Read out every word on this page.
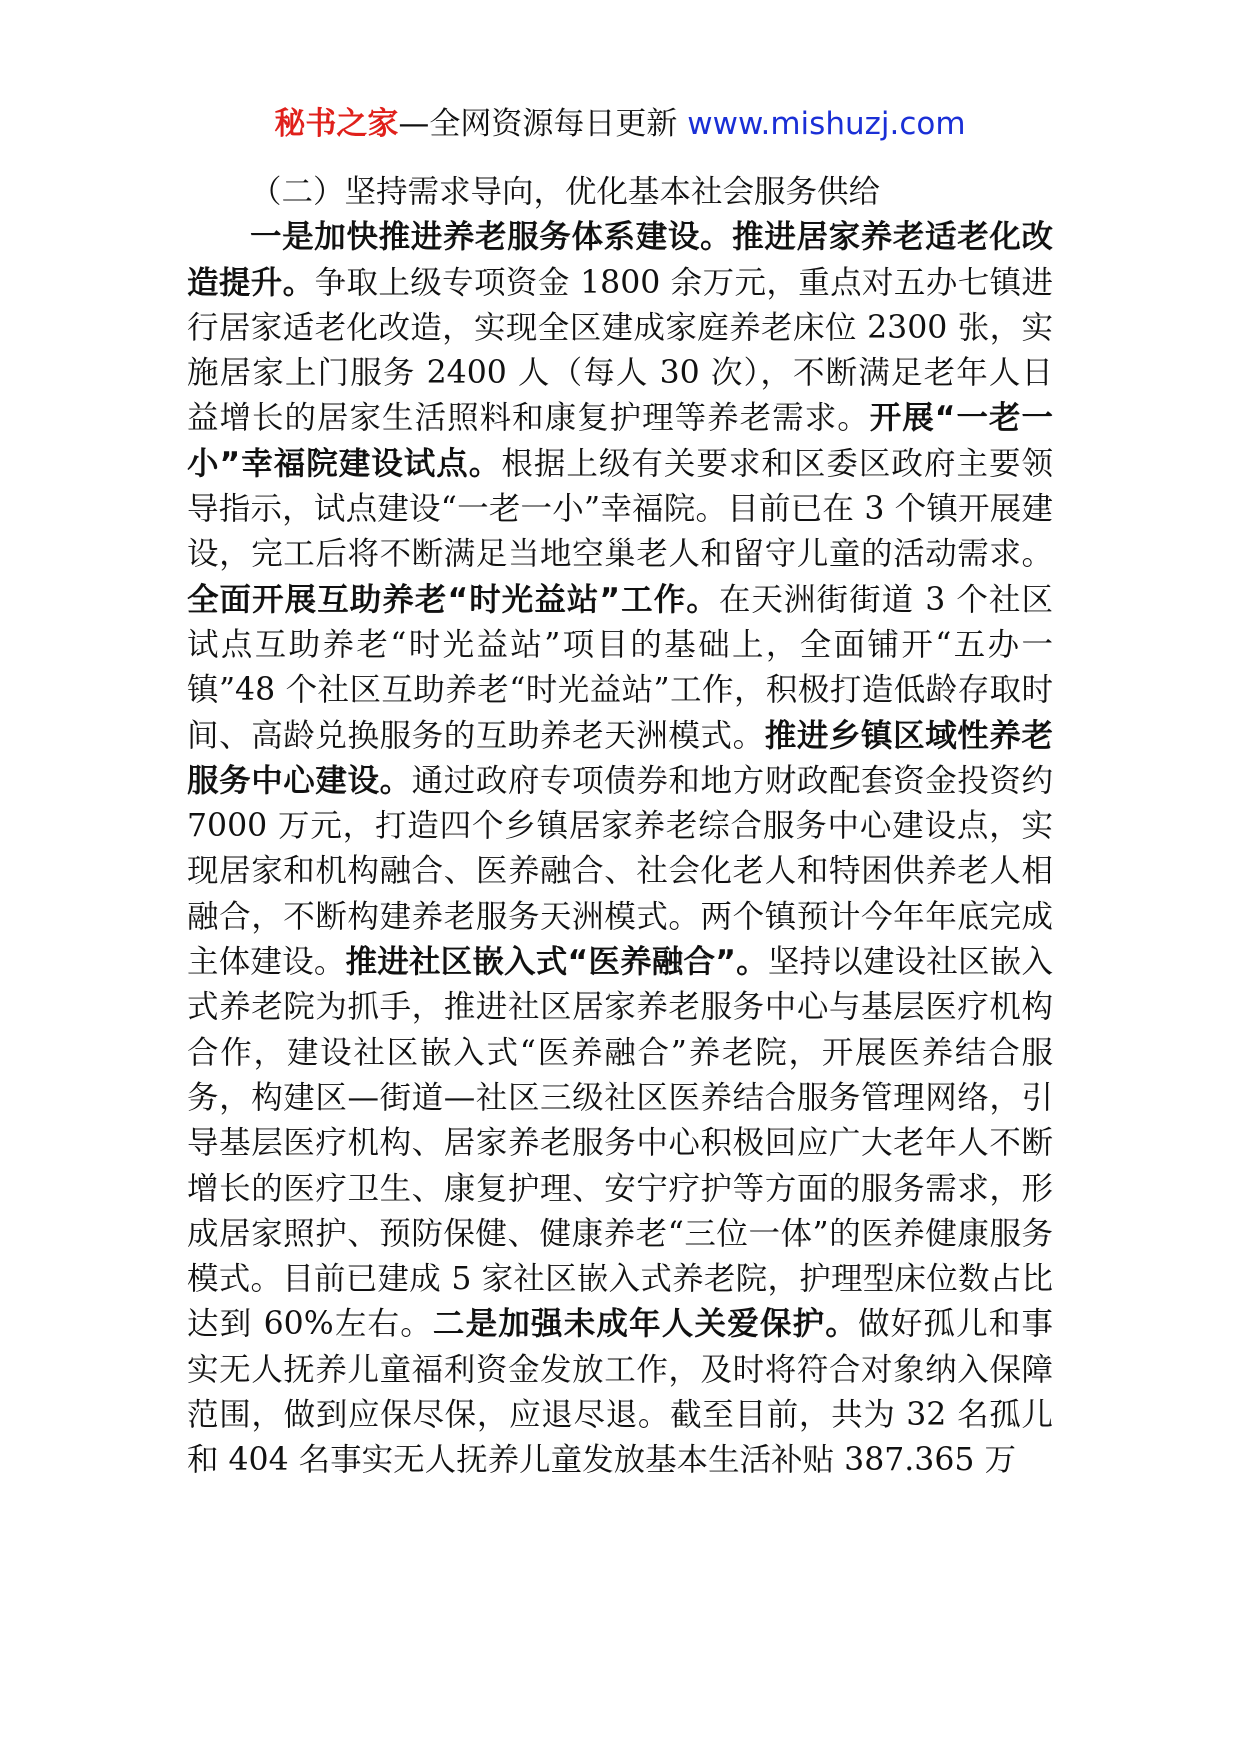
秘书之家—全网资源每日更新 www.mishuzj.com

（二）坚持需求导向，优化基本社会服务供给

一是加快推进养老服务体系建设。推进居家养老适老化改造提升。争取上级专项资金 1800 余万元，重点对五办七镇进行居家适老化改造，实现全区建成家庭养老床位 2300 张，实施居家上门服务 2400 人（每人 30 次），不断满足老年人日益增长的居家生活照料和康复护理等养老需求。开展“一老一小”幸福院建设试点。根据上级有关要求和区委区政府主要领导指示，试点建设“一老一小”幸福院。目前已在 3 个镇开展建设，完工后将不断满足当地空巢老人和留守儿童的活动需求。全面开展互助养老“时光益站”工作。在天洲街街道 3 个社区试点互助养老“时光益站”项目的基础上，全面铺开“五办一镇”48 个社区互助养老“时光益站”工作，积极打造低龄存取时间、高龄兑换服务的互助养老天洲模式。推进乡镇区域性养老服务中心建设。通过政府专项债券和地方财政配套资金投资约 7000 万元，打造四个乡镇居家养老综合服务中心建设点，实现居家和机构融合、医养融合、社会化老人和特困供养老人相融合，不断构建养老服务天洲模式。两个镇预计今年年底完成主体建设。推进社区嵌入式“医养融合”。坚持以建设社区嵌入式养老院为抓手，推进社区居家养老服务中心与基层医疗机构合作，建设社区嵌入式“医养融合”养老院，开展医养结合服务，构建区—街道—社区三级社区医养结合服务管理网络，引导基层医疗机构、居家养老服务中心积极回应广大老年人不断增长的医疗卫生、康复护理、安宁疗护等方面的服务需求，形成居家照护、预防保健、健康养老“三位一体”的医养健康服务模式。目前已建成 5 家社区嵌入式养老院，护理型床位数占比达到 60%左右。二是加强未成年人关爱保护。做好孤儿和事实无人抚养儿童福利资金发放工作，及时将符合对象纳入保障范围，做到应保尽保，应退尽退。截至目前，共为 32 名孤儿和 404 名事实无人抚养儿童发放基本生活补贴 387.365 万
